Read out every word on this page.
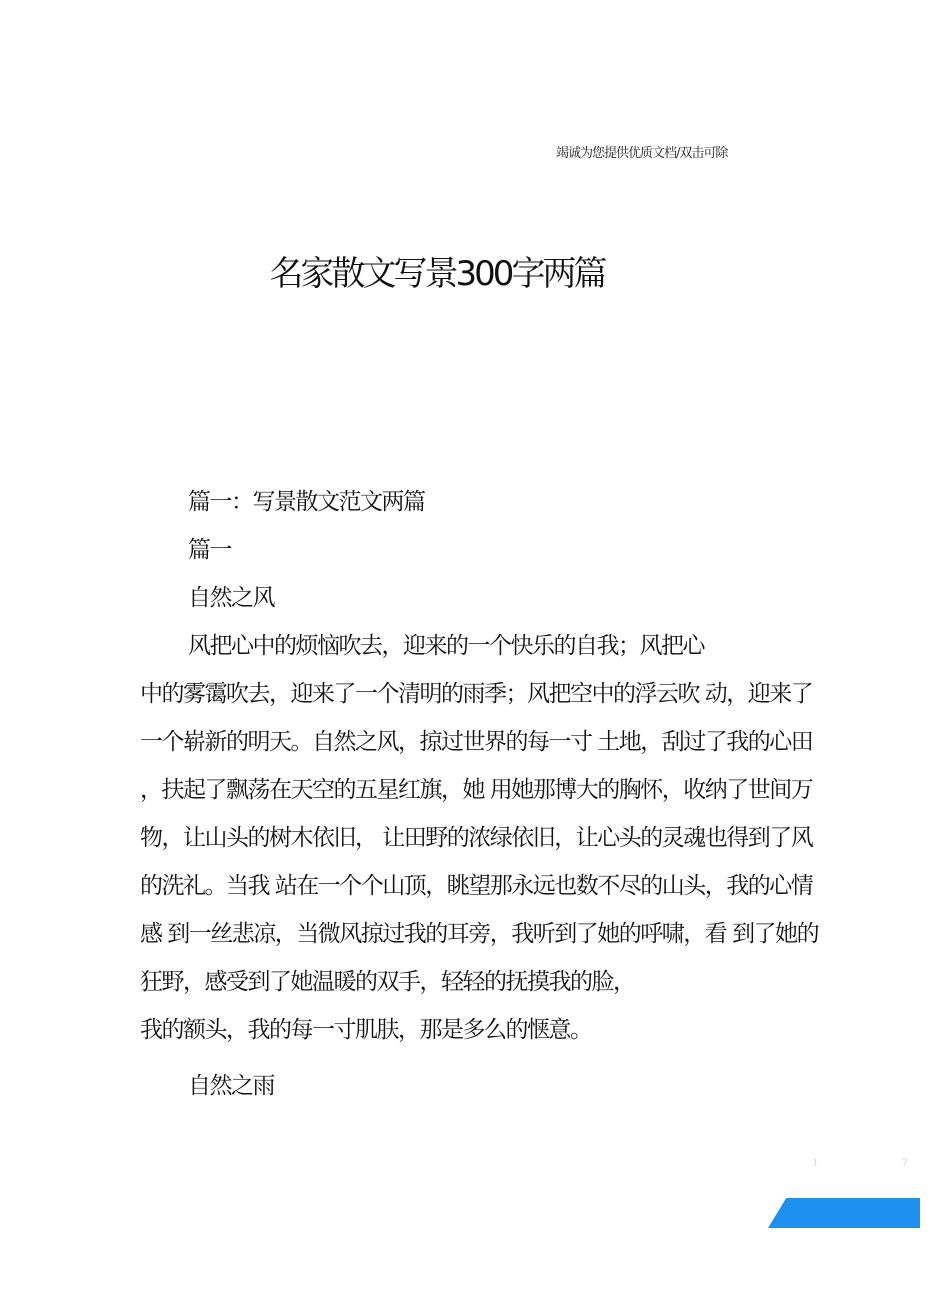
竭诚为您提供优质文档/双击可除
名家散文写景300字两篇
篇一：写景散文范文两篇
篇一
自然之风
风把心中的烦恼吹去，迎来的一个快乐的自我；风把心
中的雾霭吹去，迎来了一个清明的雨季；风把空中的浮云吹 动，迎来了
一个崭新的明天。自然之风，掠过世界的每一寸 土地，刮过了我的心田
，扶起了飘荡在天空的五星红旗，她 用她那博大的胸怀，收纳了世间万
物，让山头的树木依旧， 让田野的浓绿依旧，让心头的灵魂也得到了风
的洗礼。当我 站在一个个山顶，眺望那永远也数不尽的山头，我的心情
感 到一丝悲凉，当微风掠过我的耳旁，我听到了她的呼啸，看 到了她的
狂野，感受到了她温暖的双手，轻轻的抚摸我的脸，
我的额头，我的每一寸肌肤，那是多么的惬意。
自然之雨
1 7
